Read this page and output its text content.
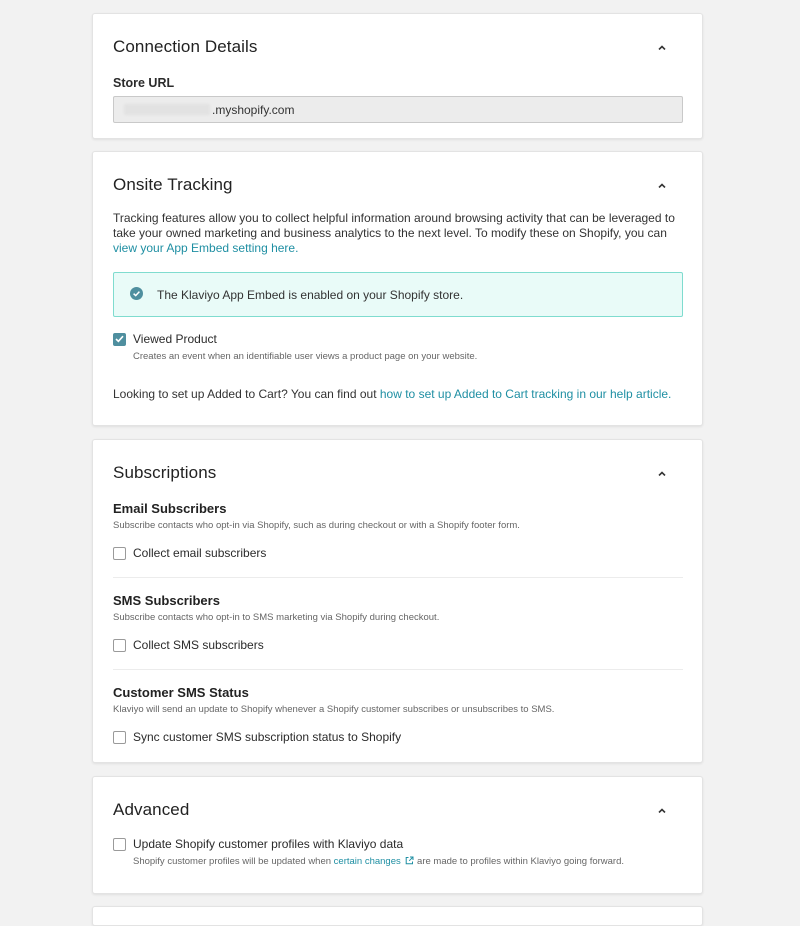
Connection Details
Store URL
.myshopify.com
Onsite Tracking
Tracking features allow you to collect helpful information around browsing activity that can be leveraged to take your owned marketing and business analytics to the next level. To modify these on Shopify, you can view your App Embed setting here.
The Klaviyo App Embed is enabled on your Shopify store.
Viewed Product
Creates an event when an identifiable user views a product page on your website.
Looking to set up Added to Cart? You can find out how to set up Added to Cart tracking in our help article.
Subscriptions
Email Subscribers
Subscribe contacts who opt-in via Shopify, such as during checkout or with a Shopify footer form.
Collect email subscribers
SMS Subscribers
Subscribe contacts who opt-in to SMS marketing via Shopify during checkout.
Collect SMS subscribers
Customer SMS Status
Klaviyo will send an update to Shopify whenever a Shopify customer subscribes or unsubscribes to SMS.
Sync customer SMS subscription status to Shopify
Advanced
Update Shopify customer profiles with Klaviyo data
Shopify customer profiles will be updated when certain changes  are made to profiles within Klaviyo going forward.
